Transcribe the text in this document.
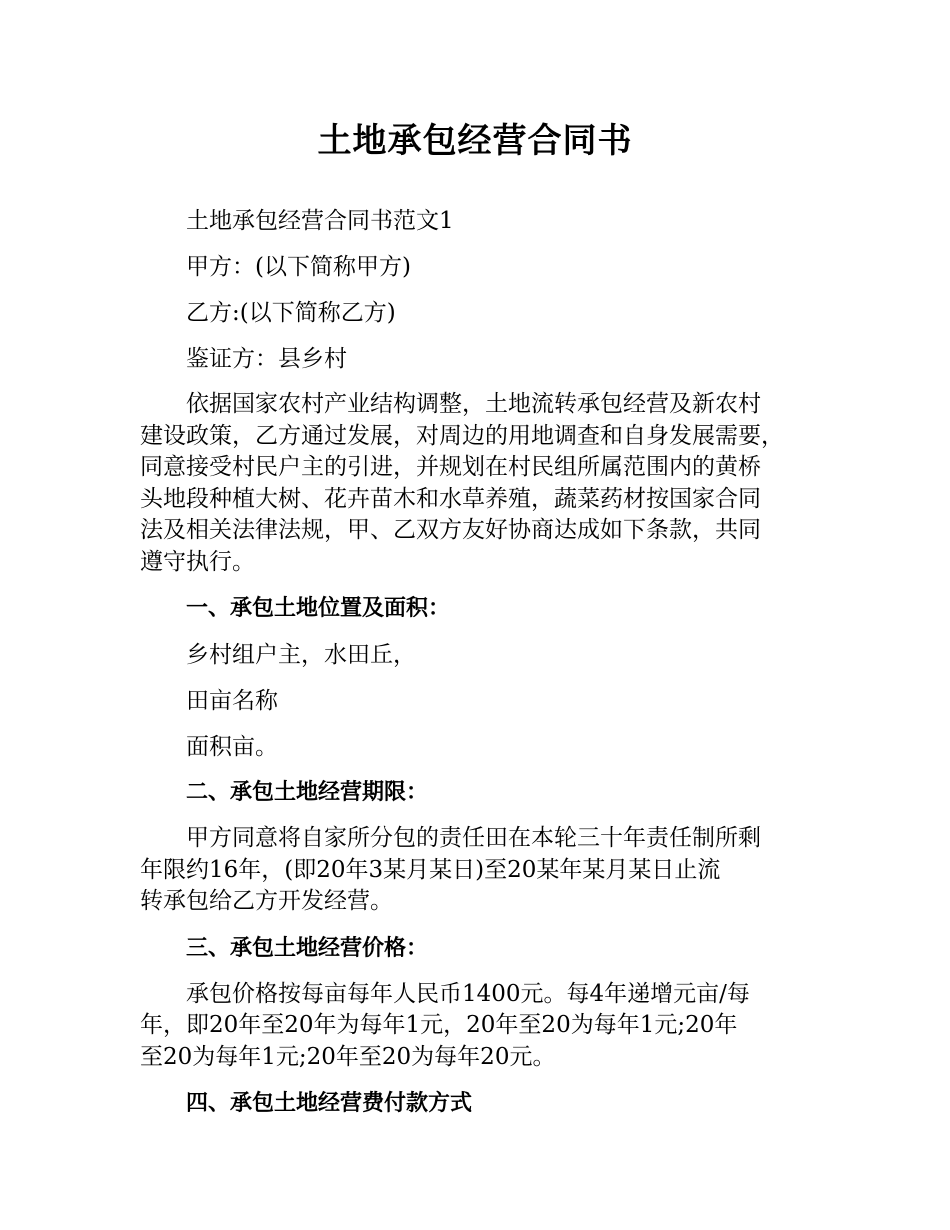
土地承包经营合同书
土地承包经营合同书范文1
甲方：(以下简称甲方)
乙方:(以下简称乙方)
鉴证方：县乡村
依据国家农村产业结构调整，土地流转承包经营及新农村
建设政策，乙方通过发展，对周边的用地调查和自身发展需要，
同意接受村民户主的引进，并规划在村民组所属范围内的黄桥
头地段种植大树、花卉苗木和水草养殖，蔬菜药材按国家合同
法及相关法律法规，甲、乙双方友好协商达成如下条款，共同
遵守执行。
一、承包土地位置及面积：
乡村组户主，水田丘，
田亩名称
面积亩。
二、承包土地经营期限：
甲方同意将自家所分包的责任田在本轮三十年责任制所剩
年限约16年，(即20年3某月某日)至20某年某月某日止流
转承包给乙方开发经营。
三、承包土地经营价格：
承包价格按每亩每年人民币1400元。每4年递增元亩/每
年，即20年至20年为每年1元，20年至20为每年1元;20年
至20为每年1元;20年至20为每年20元。
四、承包土地经营费付款方式
